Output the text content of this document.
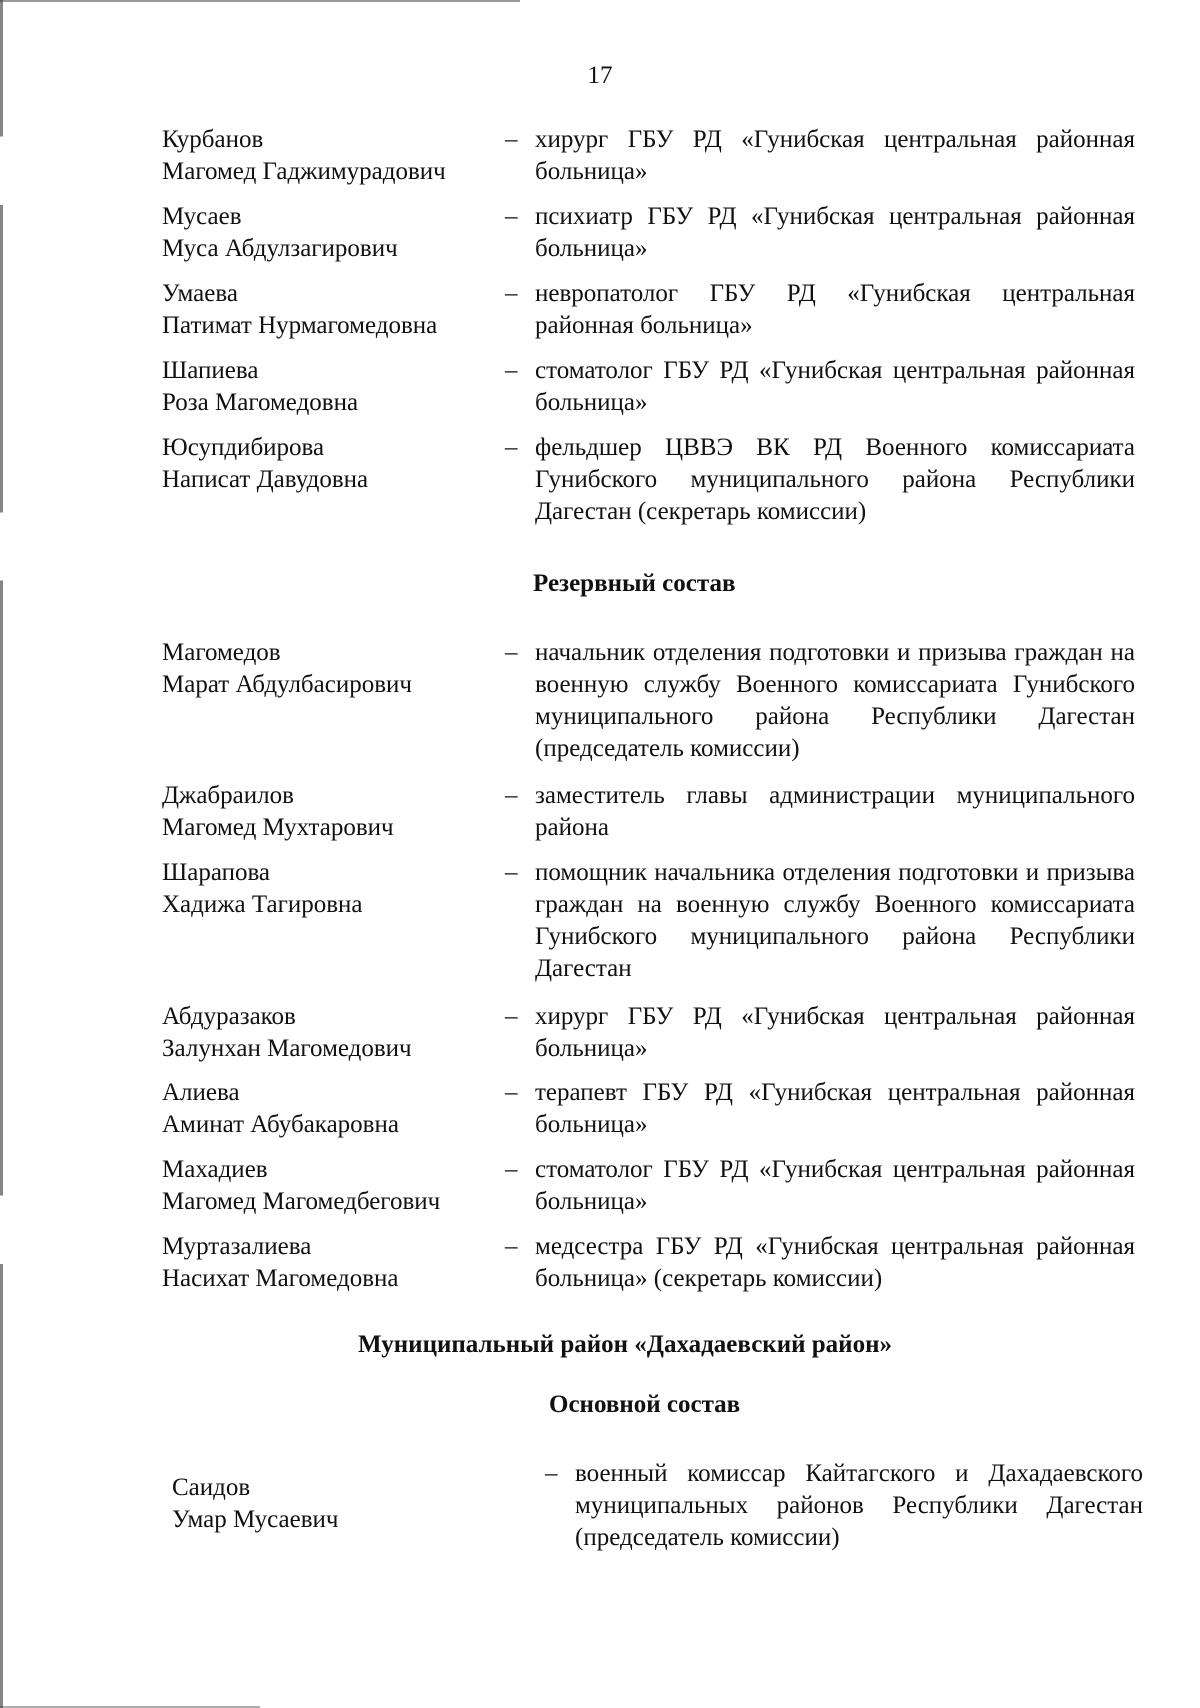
17
Курбанов
Магомед Гаджимурадович
– хирург ГБУ РД «Гунибская центральная районная больница»
Мусаев
Муса Абдулзагирович
– психиатр ГБУ РД «Гунибская центральная районная больница»
Умаева
Патимат Нурмагомедовна
– невропатолог ГБУ РД «Гунибская центральная районная больница»
Шапиева
Роза Магомедовна
– стоматолог ГБУ РД «Гунибская центральная районная больница»
Юсупдибирова
Написат Давудовна
– фельдшер ЦВВЭ ВК РД Военного комиссариата Гунибского муниципального района Республики Дагестан (секретарь комиссии)
Резервный состав
Магомедов
Марат Абдулбасирович
– начальник отделения подготовки и призыва граждан на военную службу Военного комиссариата Гунибского муниципального района Республики Дагестан (председатель комиссии)
Джабраилов
Магомед Мухтарович
– заместитель главы администрации муниципального района
Шарапова
Хадижа Тагировна
– помощник начальника отделения подготовки и призыва граждан на военную службу Военного комиссариата Гунибского муниципального района Республики Дагестан
Абдуразаков
Залунхан Магомедович
– хирург ГБУ РД «Гунибская центральная районная больница»
Алиева
Аминат Абубакаровна
– терапевт ГБУ РД «Гунибская центральная районная больница»
Махадиев
Магомед Магомедбегович
– стоматолог ГБУ РД «Гунибская центральная районная больница»
Муртазалиева
Насихат Магомедовна
– медсестра ГБУ РД «Гунибская центральная районная больница» (секретарь комиссии)
Муниципальный район «Дахадаевский район»
Основной состав
Саидов
Умар Мусаевич
– военный комиссар Кайтагского и Дахадаевского муниципальных районов Республики Дагестан (председатель комиссии)
